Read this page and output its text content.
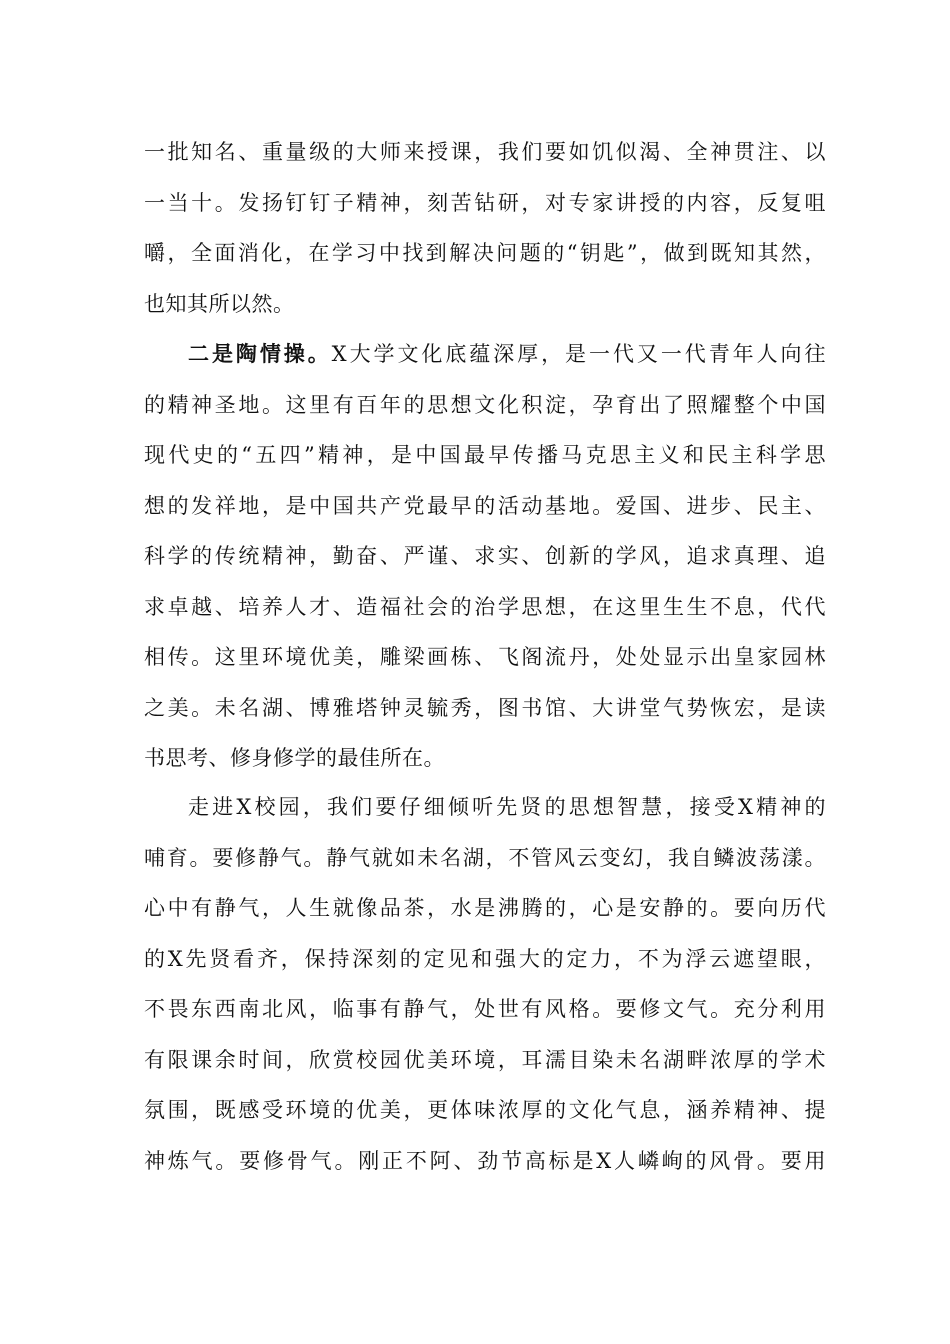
一批知名、重量级的大师来授课，我们要如饥似渴、全神贯注、以
一当十。发扬钉钉子精神，刻苦钻研，对专家讲授的内容，反复咀
嚼，全面消化，在学习中找到解决问题的“钥匙”，做到既知其然，
也知其所以然。
二是陶情操。X大学文化底蕴深厚，是一代又一代青年人向往
的精神圣地。这里有百年的思想文化积淀，孕育出了照耀整个中国
现代史的“五四”精神，是中国最早传播马克思主义和民主科学思
想的发祥地，是中国共产党最早的活动基地。爱国、进步、民主、
科学的传统精神，勤奋、严谨、求实、创新的学风，追求真理、追
求卓越、培养人才、造福社会的治学思想，在这里生生不息，代代
相传。这里环境优美，雕梁画栋、飞阁流丹，处处显示出皇家园林
之美。未名湖、博雅塔钟灵毓秀，图书馆、大讲堂气势恢宏，是读
书思考、修身修学的最佳所在。
走进X校园，我们要仔细倾听先贤的思想智慧，接受X精神的
哺育。要修静气。静气就如未名湖，不管风云变幻，我自鳞波荡漾。
心中有静气，人生就像品茶，水是沸腾的，心是安静的。要向历代
的X先贤看齐，保持深刻的定见和强大的定力，不为浮云遮望眼，
不畏东西南北风，临事有静气，处世有风格。要修文气。充分利用
有限课余时间，欣赏校园优美环境，耳濡目染未名湖畔浓厚的学术
氛围，既感受环境的优美，更体味浓厚的文化气息，涵养精神、提
神炼气。要修骨气。刚正不阿、劲节高标是X人嶙峋的风骨。要用
